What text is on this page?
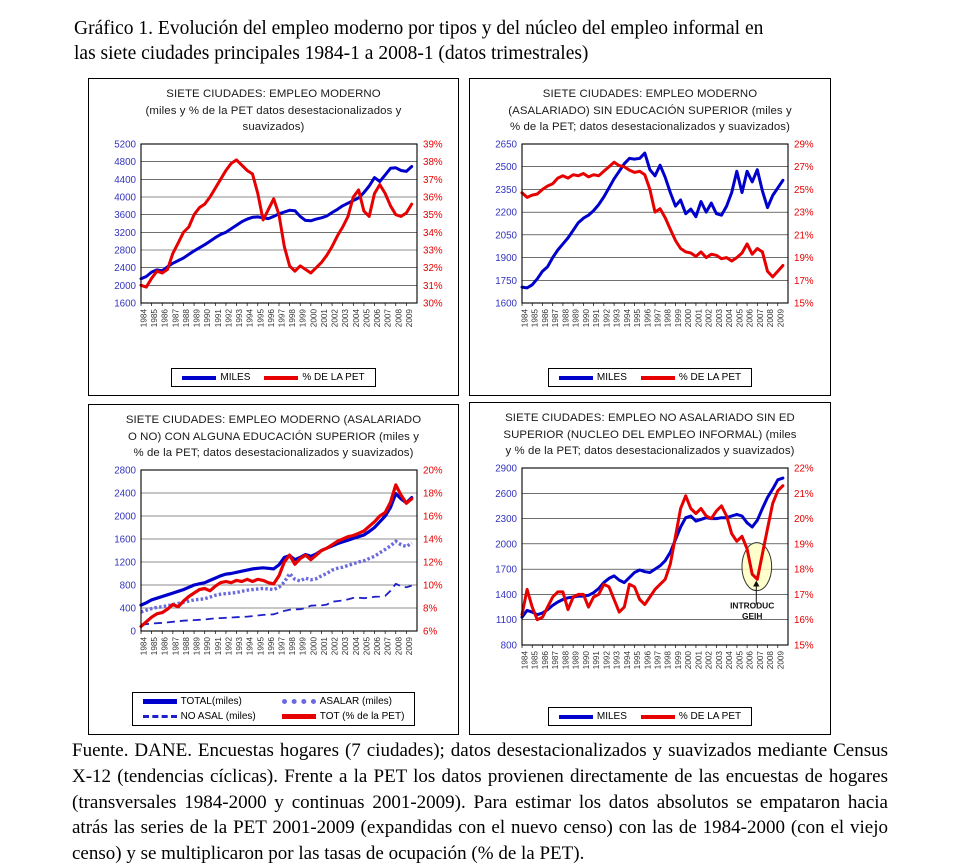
Gráfico 1. Evolución del empleo moderno por tipos y del núcleo del empleo informal en
las siete ciudades principales 1984-1 a 2008-1 (datos trimestrales)
SIETE CIUDADES: EMPLEO MODERNO
(miles y % de la PET datos desestacionalizados y
suavizados)
1600
2000
2400
2800
3200
3600
4000
4400
4800
5200
30%
31%
32%
33%
34%
35%
36%
37%
38%
39%
1984 1985 1986 1987 1988 1989 1990 1991 1992 1993 1994 1995 1996 1997 1998 1999 2000 2001 2002 2003 2004 2005 2006 2007 2008 2009
MILES	% DE LA PET
SIETE CIUDADES: EMPLEO MODERNO
(ASALARIADO) SIN EDUCACIÓN SUPERIOR (miles y
% de la PET; datos desestacionalizados y suavizados)
1600
1750
1900
2050
2200
2350
2500
2650
15%
17%
19%
21%
23%
25%
27%
29%
1984 1985 1986 1987 1988 1989 1990 1991 1992 1993 1994 1995 1996 1997 1998 1999 2000 2001 2002 2003 2004 2005 2006 2007 2008 2009
MILES	% DE LA PET
SIETE CIUDADES: EMPLEO MODERNO (ASALARIADO
O NO) CON ALGUNA EDUCACIÓN SUPERIOR (miles y
% de la PET; datos desestacionalizados y suavizados)
0
400
800
1200
1600
2000
2400
2800
6%
8%
10%
12%
14%
16%
18%
20%
1984 1985 1986 1987 1988 1989 1990 1991 1992 1993 1994 1995 1996 1997 1998 1999 2000 2001 2002 2003 2004 2005 2006 2007 2008 2009
TOTAL(miles)	ASALAR (miles)
NO ASAL (miles)	TOT (% de la PET)
SIETE CIUDADES: EMPLEO NO ASALARIADO SIN ED
SUPERIOR (NUCLEO DEL EMPLEO INFORMAL) (miles
y % de la PET; datos desestacionalizados y suavizados)
800
1100
1400
1700
2000
2300
2600
2900
15%
16%
17%
18%
19%
20%
21%
22%
1984 1985 1986 1987 1988 1989 1990 1991 1992 1993 1994 1995 1996 1997 1998 1999 2000 2001 2002 2003 2004 2005 2006 2007 2008 2009
INTRODUC
GEIH
MILES	% DE LA PET
Fuente. DANE. Encuestas hogares (7 ciudades); datos desestacionalizados y suavizados mediante Census X-12 (tendencias cíclicas). Frente a la PET los datos provienen directamente de las encuestas de hogares (transversales 1984-2000 y continuas 2001-2009). Para estimar los datos absolutos se empataron hacia atrás las series de la PET 2001-2009 (expandidas con el nuevo censo) con las de 1984-2000 (con el viejo censo) y se multiplicaron por las tasas de ocupación (% de la PET).
